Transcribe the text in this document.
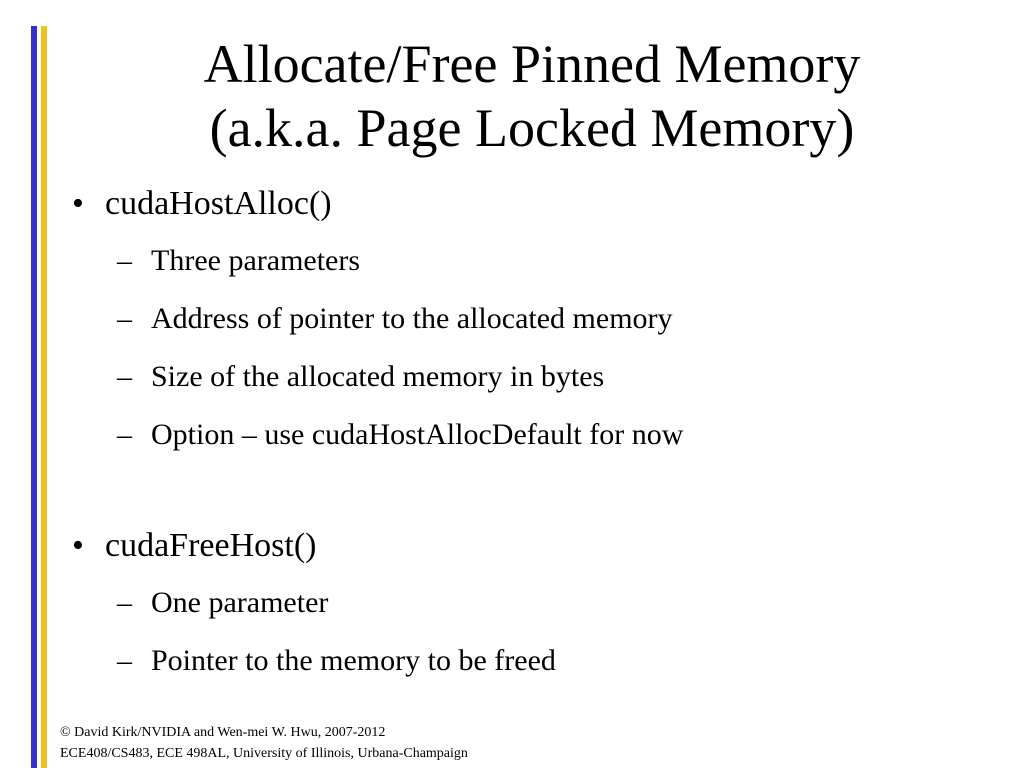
Allocate/Free Pinned Memory
(a.k.a. Page Locked Memory)
• cudaHostAlloc()
– Three parameters
– Address of pointer to the allocated memory
– Size of the allocated memory in bytes
– Option – use cudaHostAllocDefault for now
• cudaFreeHost()
– One parameter
– Pointer to the memory to be freed
© David Kirk/NVIDIA and Wen-mei W. Hwu, 2007-2012
ECE408/CS483, ECE 498AL, University of Illinois, Urbana-Champaign
